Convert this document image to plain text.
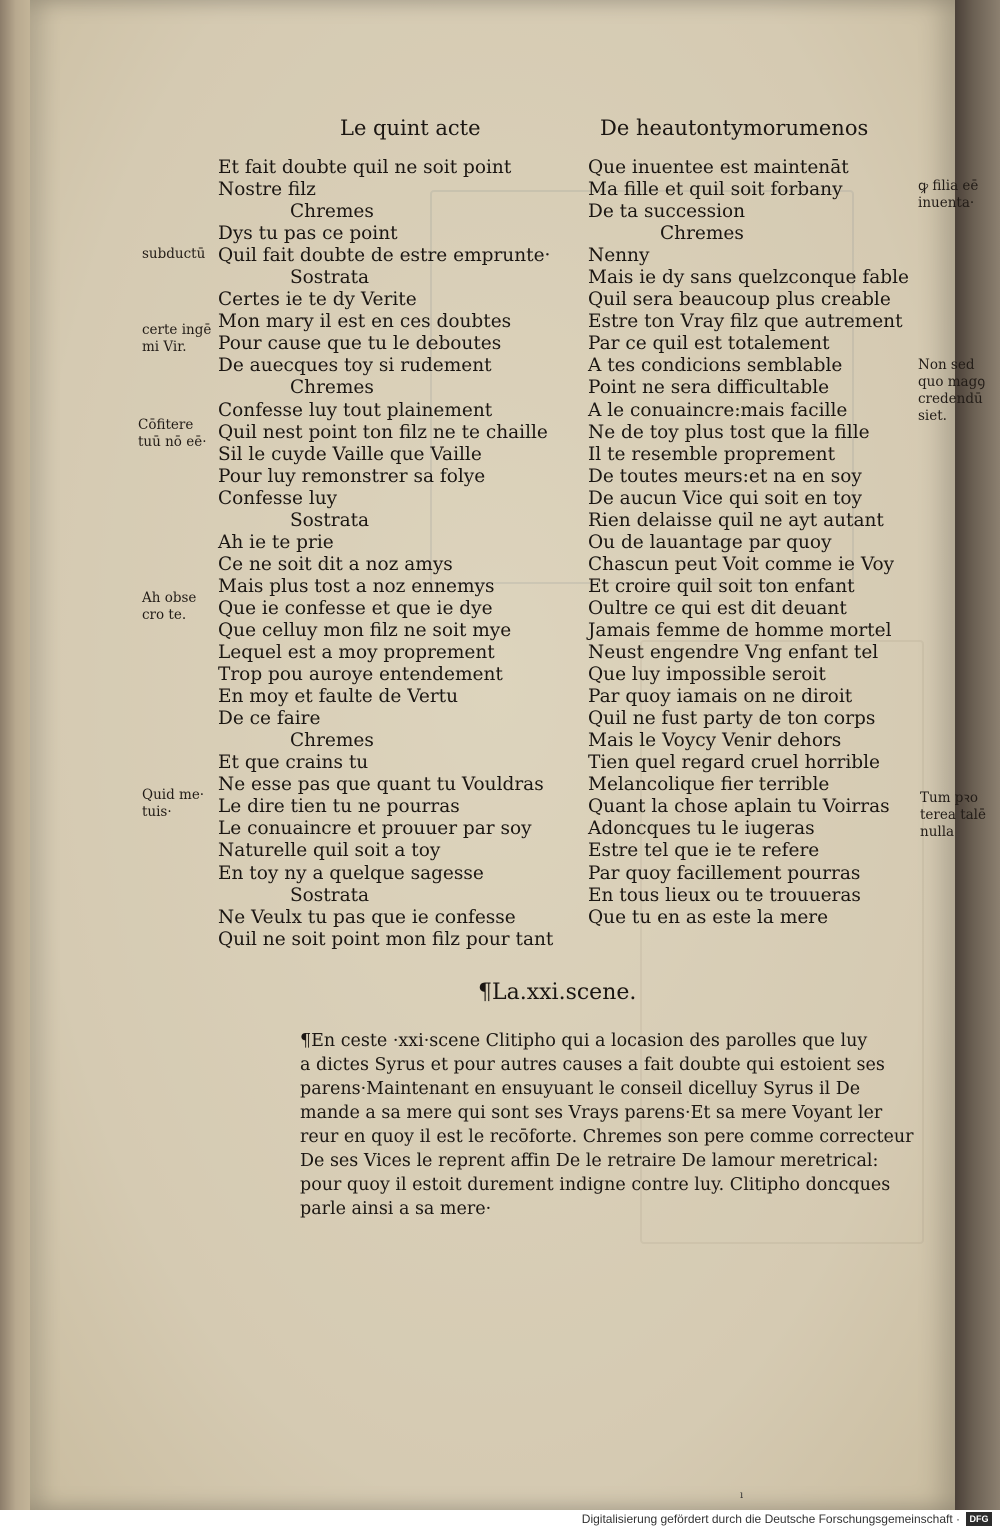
Le quint acte	De heautontymorumenos
Et fait doubte quil ne soit point
Nostre filz
Chremes
Dys tu pas ce point
Quil fait doubte de estre emprunte·
Sostrata
Certes ie te dy Verite
Mon mary il est en ces doubtes
Pour cause que tu le deboutes
De auecques toy si rudement
Chremes
Confesse luy tout plainement
Quil nest point ton filz ne te chaille
Sil le cuyde Vaille que Vaille
Pour luy remonstrer sa folye
Confesse luy
Sostrata
Ah ie te prie
Ce ne soit dit a noz amys
Mais plus tost a noz ennemys
Que ie confesse et que ie dye
Que celluy mon filz ne soit mye
Lequel est a moy proprement
Trop pou auroye entendement
En moy et faulte de Vertu
De ce faire
Chremes
Et que crains tu
Ne esse pas que quant tu Vouldras
Le dire tien tu ne pourras
Le conuaincre et prouuer par soy
Naturelle quil soit a toy
En toy ny a quelque sagesse
Sostrata
Ne Veulx tu pas que ie confesse
Quil ne soit point mon filz pour tant
Que inuentee est maintenāt
Ma fille et quil soit forbany
De ta succession
Chremes
Nenny
Mais ie dy sans quelzconque fable
Quil sera beaucoup plus creable
Estre ton Vray filz que autrement
Par ce quil est totalement
A tes condicions semblable
Point ne sera difficultable
A le conuaincre:mais facille
Ne de toy plus tost que la fille
Il te resemble proprement
De toutes meurs:et na en soy
De aucun Vice qui soit en toy
Rien delaisse quil ne ayt autant
Ou de lauantage par quoy
Chascun peut Voit comme ie Voy
Et croire quil soit ton enfant
Oultre ce qui est dit deuant
Jamais femme de homme mortel
Neust engendre Vng enfant tel
Que luy impossible seroit
Par quoy iamais on ne diroit
Quil ne fust party de ton corps
Mais le Voycy Venir dehors
Tien quel regard cruel horrible
Melancolique fier terrible
Quant la chose aplain tu Voirras
Adoncques tu le iugeras
Estre tel que ie te refere
Par quoy facillement pourras
En tous lieux ou te trouueras
Que tu en as este la mere
subductū
certe ingē
mi Vir.
Cōfitere
tuū nō eē·
Ah obse
cro te.
Quid me·
tuis·
ꝙ filia eē
inuenta·
Non sed
quo magꝯ
credendū
siet.
Tum pꝛo
terea talē
nulla
¶La.xxi.scene.
¶En ceste ·xxi·scene Clitipho qui a locasion des parolles que luy
a dictes Syrus et pour autres causes a fait doubte qui estoient ses
parens·Maintenant en ensuyuant le conseil dicelluy Syrus il De
mande a sa mere qui sont ses Vrays parens·Et sa mere Voyant ler
reur en quoy il est le recōforte. Chremes son pere comme correcteur
De ses Vices le reprent affin De le retraire De lamour meretrical:
pour quoy il estoit durement indigne contre luy. Clitipho doncques
parle ainsi a sa mere·
ı
Digitalisierung gefördert durch die Deutsche Forschungsgemeinschaft ·	DFG
